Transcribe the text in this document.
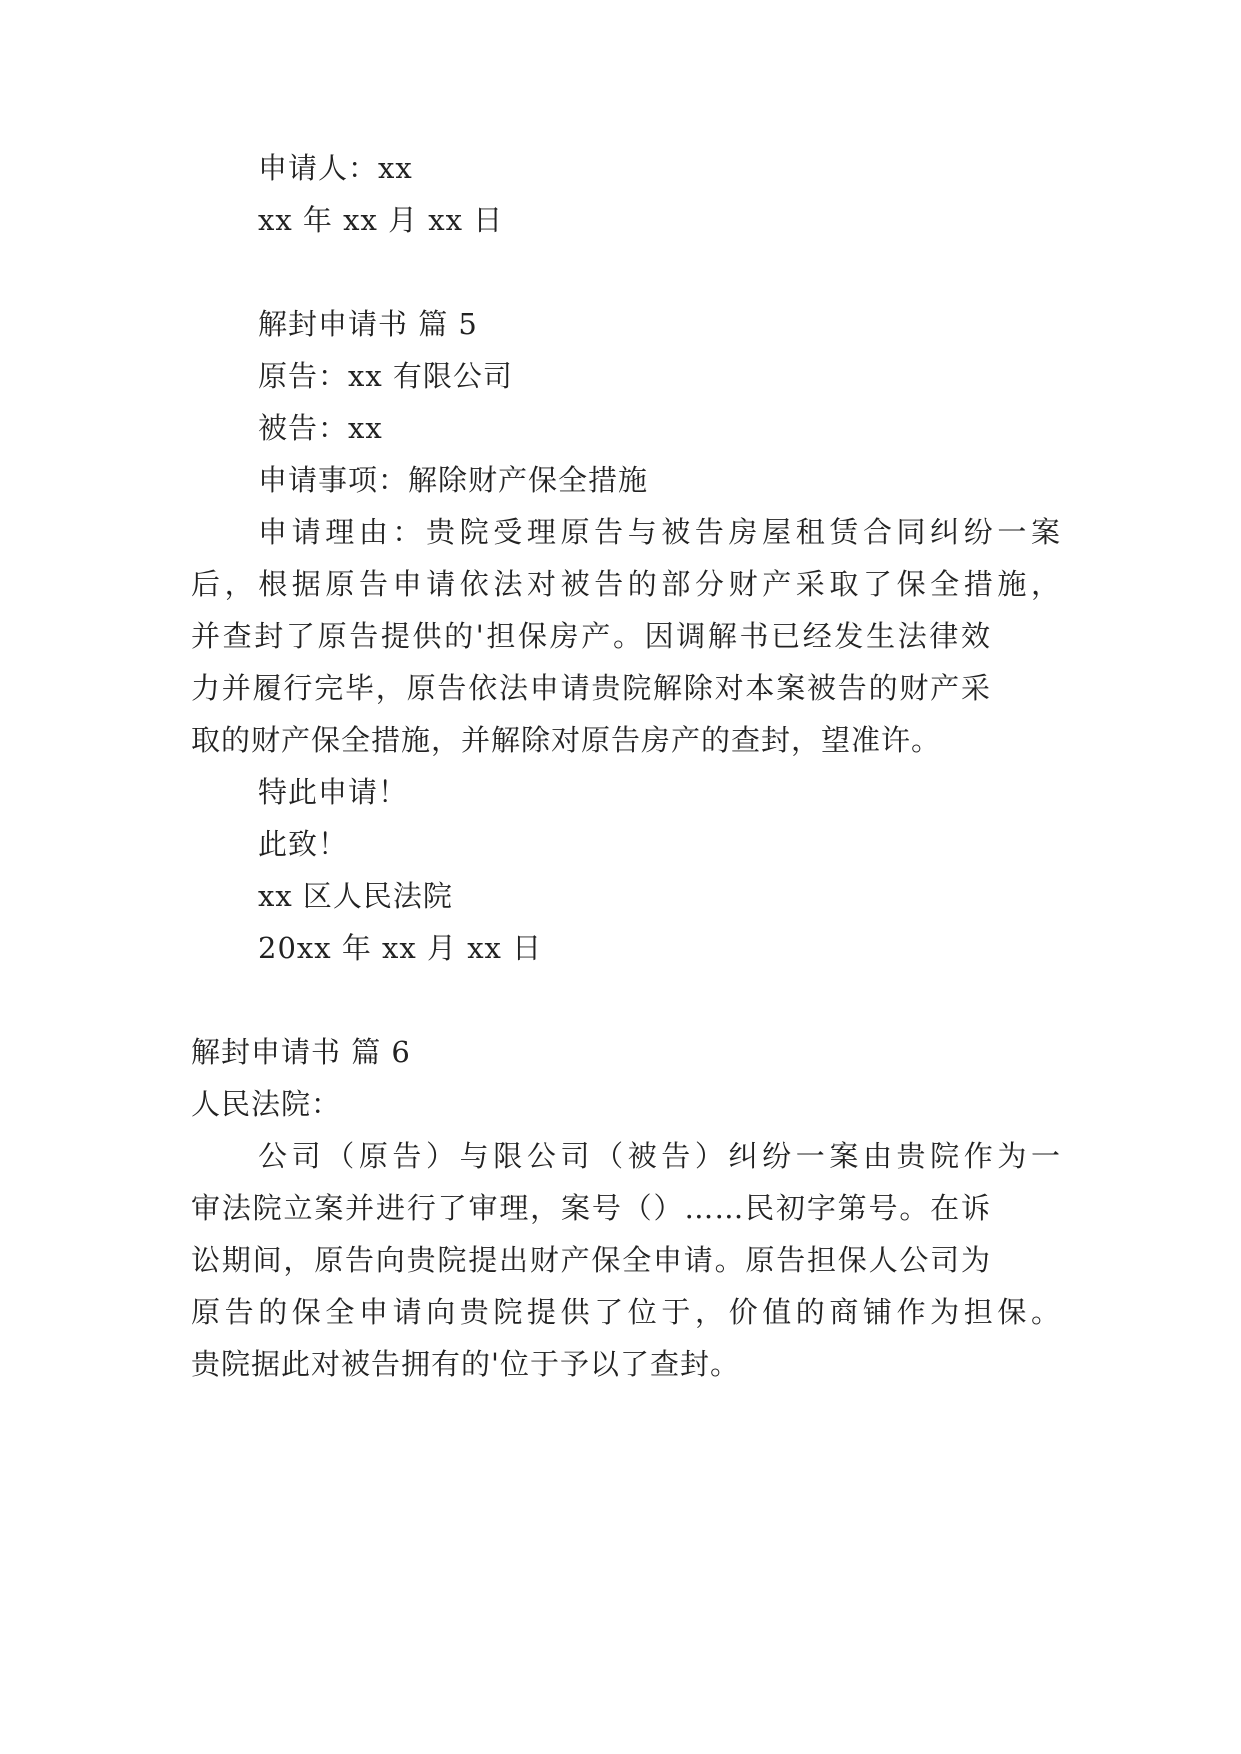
申请人：xx
xx 年 xx 月 xx 日
解封申请书 篇 5
原告：xx 有限公司
被告：xx
申请事项：解除财产保全措施
申请理由：贵院受理原告与被告房屋租赁合同纠纷一案
后，根据原告申请依法对被告的部分财产采取了保全措施，
并查封了原告提供的'担保房产。因调解书已经发生法律效
力并履行完毕，原告依法申请贵院解除对本案被告的财产采
取的财产保全措施，并解除对原告房产的查封，望准许。
特此申请！
此致！
xx 区人民法院
20xx 年 xx 月 xx 日
解封申请书 篇 6
人民法院：
公司（原告）与限公司（被告）纠纷一案由贵院作为一
审法院立案并进行了审理，案号（）……民初字第号。在诉
讼期间，原告向贵院提出财产保全申请。原告担保人公司为
原告的保全申请向贵院提供了位于，价值的商铺作为担保。
贵院据此对被告拥有的'位于予以了查封。
